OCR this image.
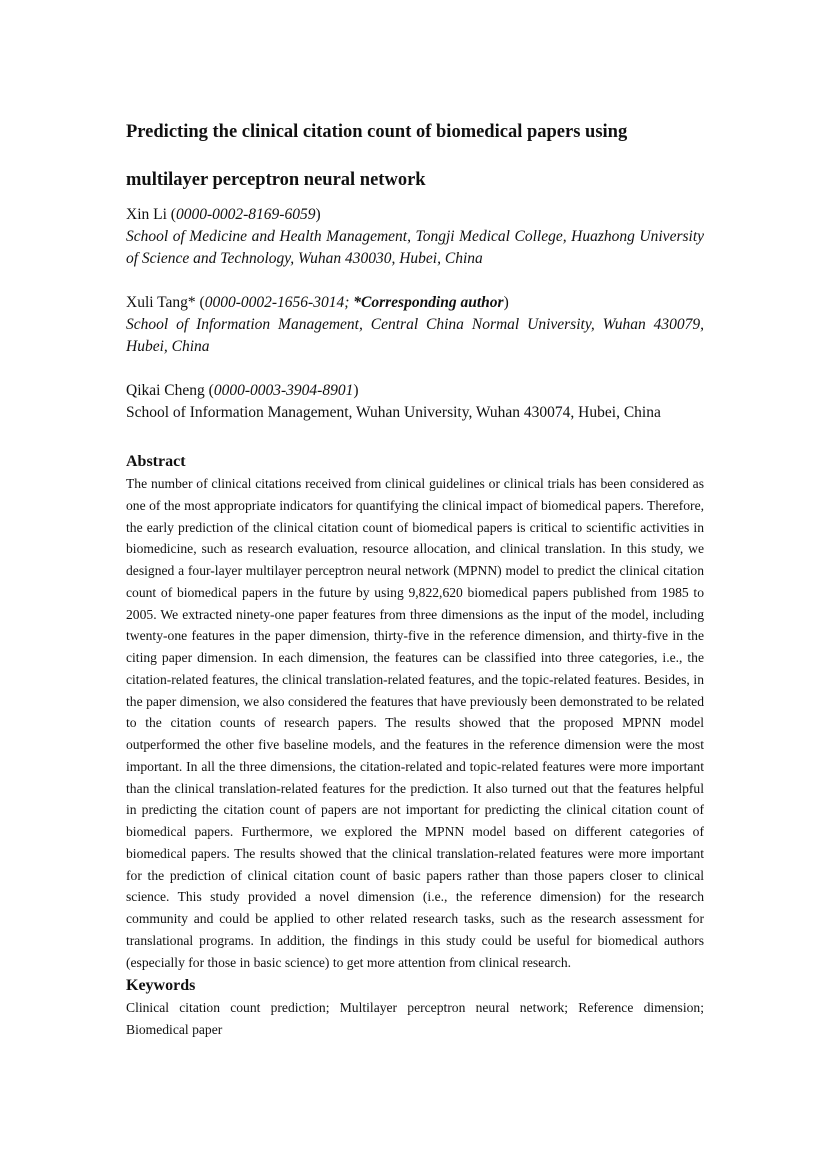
Predicting the clinical citation count of biomedical papers using
multilayer perceptron neural network
Xin Li (0000-0002-8169-6059)
School of Medicine and Health Management, Tongji Medical College, Huazhong University of Science and Technology, Wuhan 430030, Hubei, China
Xuli Tang* (0000-0002-1656-3014; *Corresponding author)
School of Information Management, Central China Normal University, Wuhan 430079, Hubei, China
Qikai Cheng (0000-0003-3904-8901)
School of Information Management, Wuhan University, Wuhan 430074, Hubei, China
Abstract

The number of clinical citations received from clinical guidelines or clinical trials has been considered as one of the most appropriate indicators for quantifying the clinical impact of biomedical papers. Therefore, the early prediction of the clinical citation count of biomedical papers is critical to scientific activities in biomedicine, such as research evaluation, resource allocation, and clinical translation. In this study, we designed a four-layer multilayer perceptron neural network (MPNN) model to predict the clinical citation count of biomedical papers in the future by using 9,822,620 biomedical papers published from 1985 to 2005. We extracted ninety-one paper features from three dimensions as the input of the model, including twenty-one features in the paper dimension, thirty-five in the reference dimension, and thirty-five in the citing paper dimension. In each dimension, the features can be classified into three categories, i.e., the citation-related features, the clinical translation-related features, and the topic-related features. Besides, in the paper dimension, we also considered the features that have previously been demonstrated to be related to the citation counts of research papers. The results showed that the proposed MPNN model outperformed the other five baseline models, and the features in the reference dimension were the most important. In all the three dimensions, the citation-related and topic-related features were more important than the clinical translation-related features for the prediction. It also turned out that the features helpful in predicting the citation count of papers are not important for predicting the clinical citation count of biomedical papers. Furthermore, we explored the MPNN model based on different categories of biomedical papers. The results showed that the clinical translation-related features were more important for the prediction of clinical citation count of basic papers rather than those papers closer to clinical science. This study provided a novel dimension (i.e., the reference dimension) for the research community and could be applied to other related research tasks, such as the research assessment for translational programs. In addition, the findings in this study could be useful for biomedical authors (especially for those in basic science) to get more attention from clinical research.

Keywords

Clinical citation count prediction; Multilayer perceptron neural network; Reference dimension; Biomedical paper
